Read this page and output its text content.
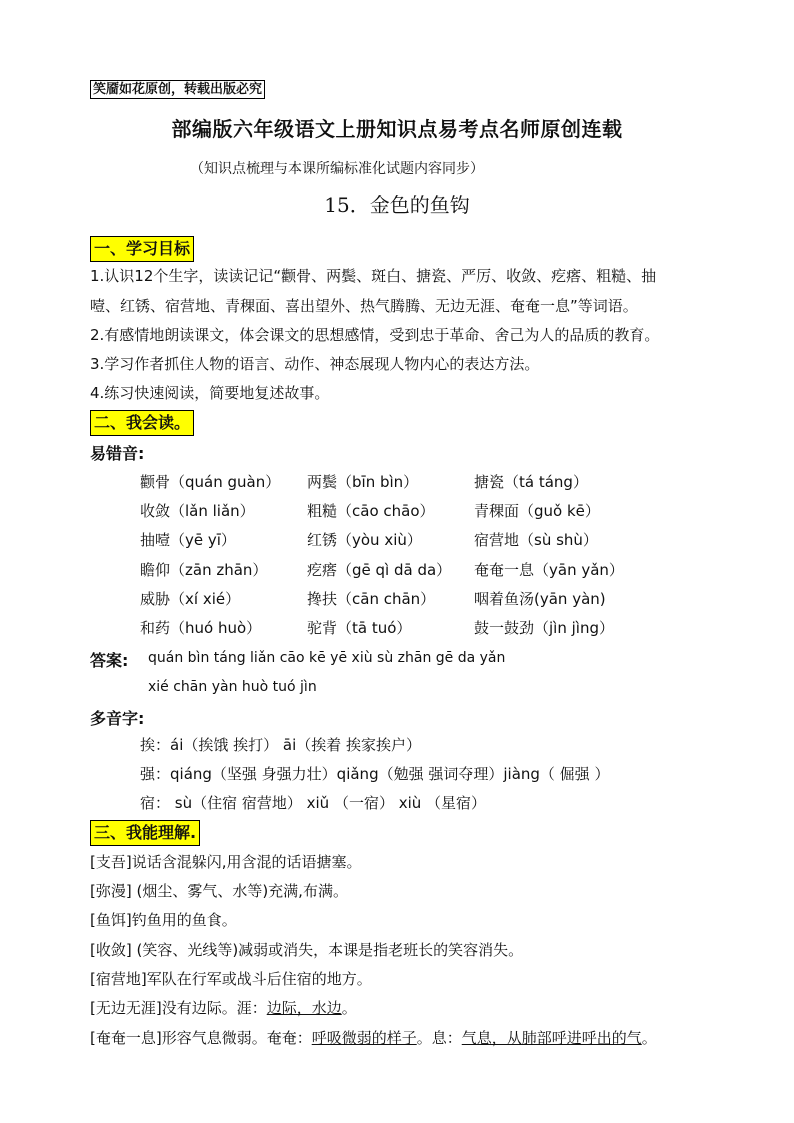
笑靥如花原创，转载出版必究
部编版六年级语文上册知识点易考点名师原创连载
（知识点梳理与本课所编标准化试题内容同步）
15．金色的鱼钩
一、学习目标
1.认识12个生字，读读记记“颧骨、两鬓、斑白、搪瓷、严厉、收敛、疙瘩、粗糙、抽
噎、红锈、宿营地、青稞面、喜出望外、热气腾腾、无边无涯、奄奄一息”等词语。
2.有感情地朗读课文，体会课文的思想感情，受到忠于革命、舍己为人的品质的教育。
3.学习作者抓住人物的语言、动作、神态展现人物内心的表达方法。
4.练习快速阅读，简要地复述故事。
二、我会读。
易错音:
颧骨（quán guàn） 两鬓（bīn bìn）	搪瓷（tá táng）
收敛（lǎn liǎn）	粗糙（cāo chāo）	青稞面（guǒ kē）
抽噎（yē yī）	红锈（yòu xiù）	宿营地（sù shù）
瞻仰（zān zhān）	疙瘩（gē qì dā da） 奄奄一息（yān yǎn）
威胁（xí xié）	搀扶（cān chān）	咽着鱼汤(yān yàn)
和药（huó huò）	驼背（tā tuó）	鼓一鼓劲（jìn jìng）
答案: quán bìn táng liǎn cāo kē yē xiù sù zhān gē da yǎn
xié chān yàn huò tuó jìn
多音字:
挨：ái（挨饿 挨打） āi（挨着 挨家挨户）
强：qiáng（坚强 身强力壮）qiǎng（勉强 强词夺理）jiàng（ 倔强 ）
宿： sù（住宿 宿营地） xiǔ （一宿） xiù （星宿）
三、我能理解.
[支吾]说话含混躲闪,用含混的话语搪塞。
[弥漫] (烟尘、雾气、水等)充满,布满。
[鱼饵]钓鱼用的鱼食。
[收敛] (笑容、光线等)减弱或消失，本课是指老班长的笑容消失。
[宿营地]军队在行军或战斗后住宿的地方。
[无边无涯]没有边际。涯：边际，水边。
[奄奄一息]形容气息微弱。奄奄：呼吸微弱的样子。息：气息，从肺部呼进呼出的气。
